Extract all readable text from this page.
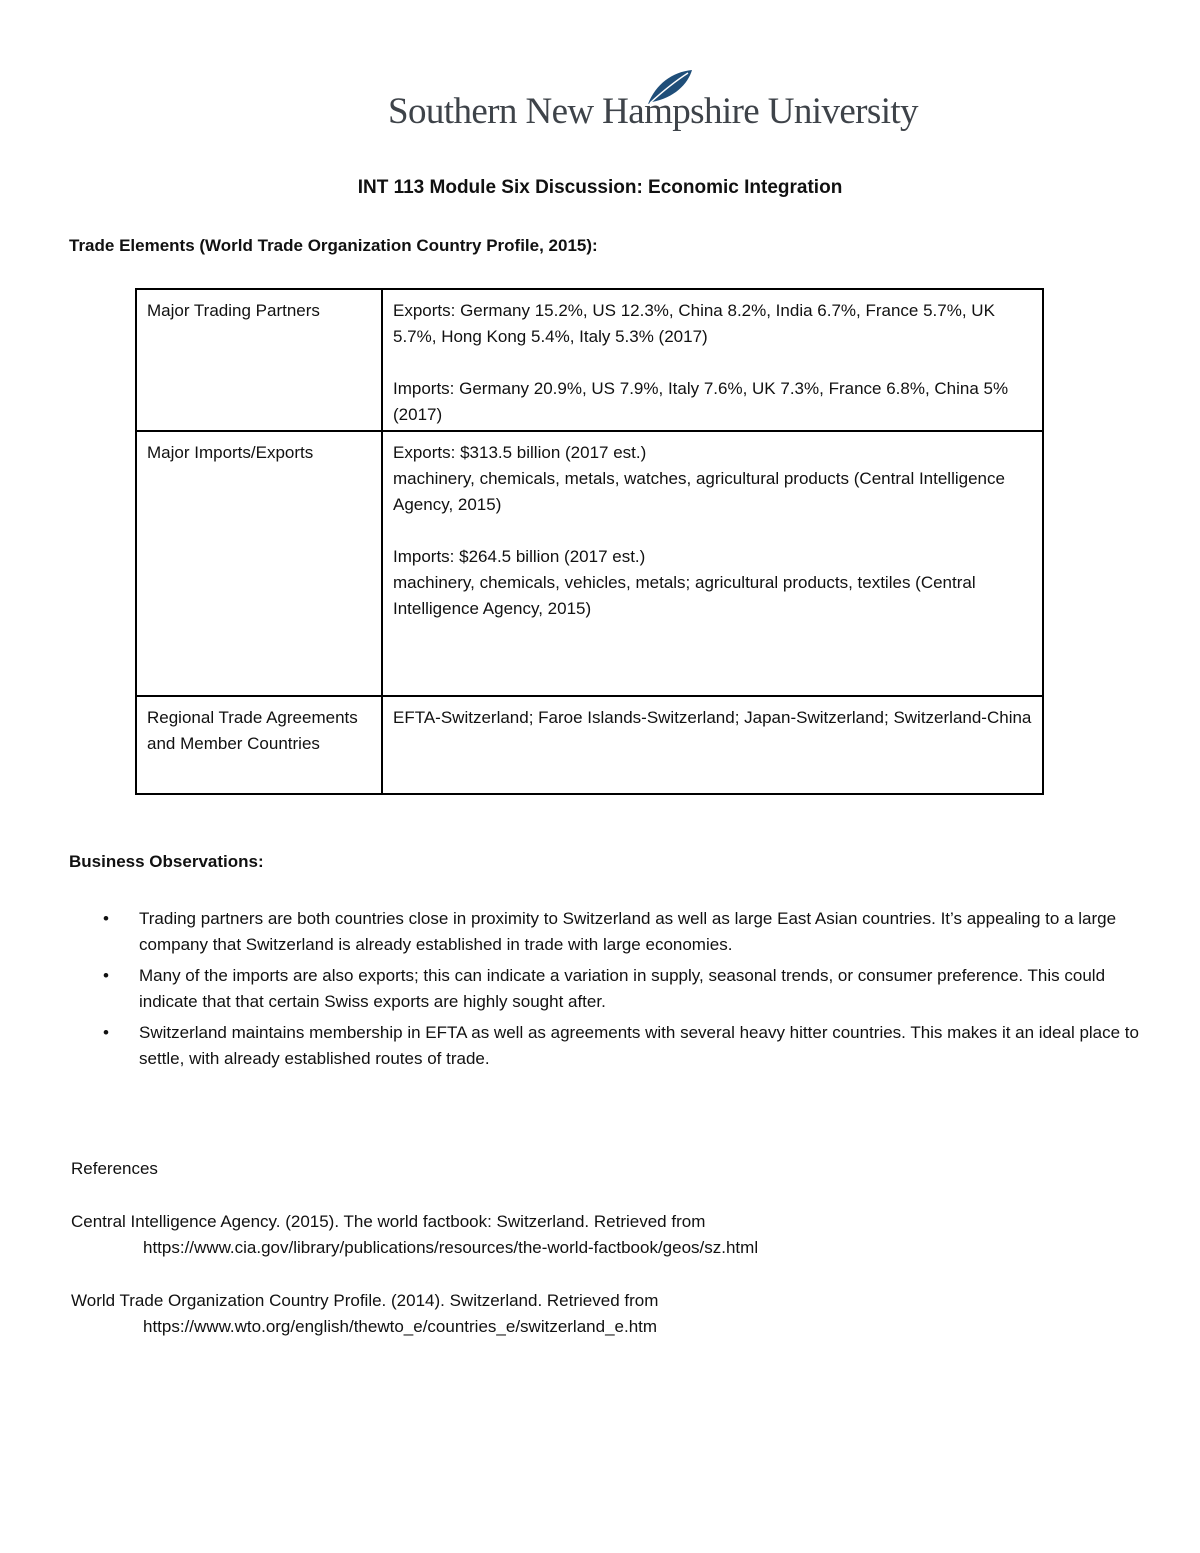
Southern New Hampshire University
INT 113 Module Six Discussion: Economic Integration
Trade Elements (World Trade Organization Country Profile, 2015):
Major Trading Partners	Exports: Germany 15.2%, US 12.3%, China 8.2%, India 6.7%, France 5.7%, UK 5.7%, Hong Kong 5.4%, Italy 5.3% (2017)
Imports: Germany 20.9%, US 7.9%, Italy 7.6%, UK 7.3%, France 6.8%, China 5% (2017)

Major Imports/Exports	Exports: $313.5 billion (2017 est.)
machinery, chemicals, metals, watches, agricultural products (Central Intelligence Agency, 2015)
Imports: $264.5 billion (2017 est.)
machinery, chemicals, vehicles, metals; agricultural products, textiles (Central Intelligence Agency, 2015)

Regional Trade Agreements and Member Countries	EFTA-Switzerland; Faroe Islands-Switzerland; Japan-Switzerland; Switzerland-China
Business Observations:
• Trading partners are both countries close in proximity to Switzerland as well as large East Asian countries. It’s appealing to a large company that Switzerland is already established in trade with large economies.
• Many of the imports are also exports; this can indicate a variation in supply, seasonal trends, or consumer preference. This could indicate that that certain Swiss exports are highly sought after.
• Switzerland maintains membership in EFTA as well as agreements with several heavy hitter countries. This makes it an ideal place to settle, with already established routes of trade.
References
Central Intelligence Agency. (2015). The world factbook: Switzerland. Retrieved from
https://www.cia.gov/library/publications/resources/the-world-factbook/geos/sz.html
World Trade Organization Country Profile. (2014). Switzerland. Retrieved from
https://www.wto.org/english/thewto_e/countries_e/switzerland_e.htm
